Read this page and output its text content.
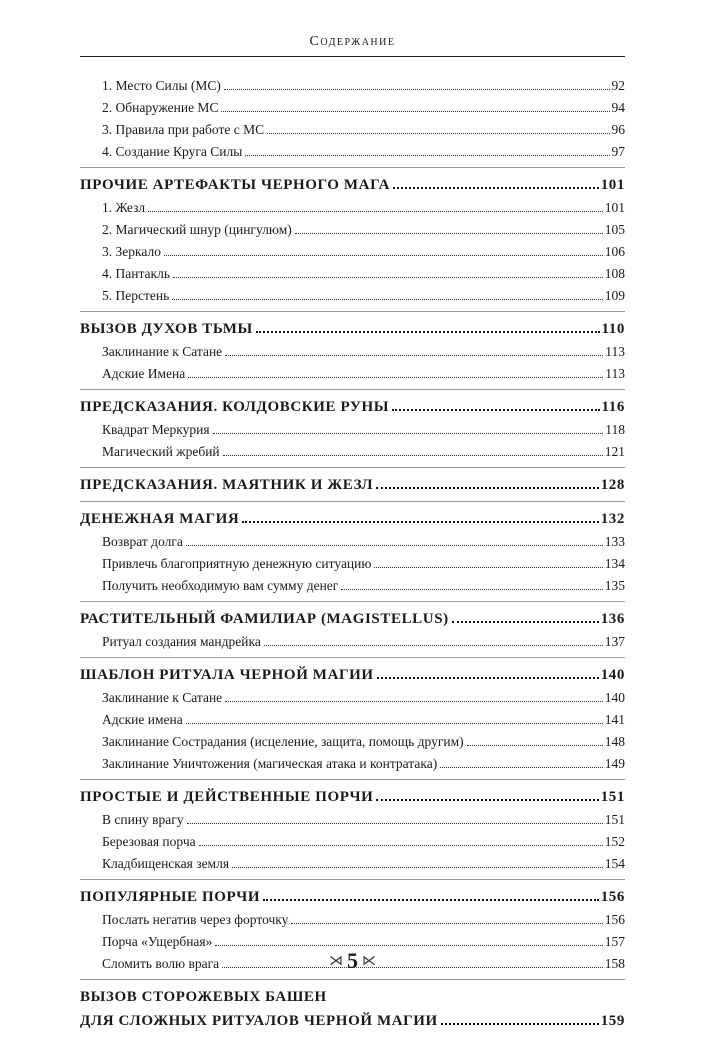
Содержание
1. Место Силы (МС)	92
2. Обнаружение МС	94
3. Правила при работе с МС	96
4. Создание Круга Силы	97
ПРОЧИЕ АРТЕФАКТЫ ЧЕРНОГО МАГА	101
1. Жезл	101
2. Магический шнур (цингулюм)	105
3. Зеркало	106
4. Пантакль	108
5. Перстень	109
ВЫЗОВ ДУХОВ ТЬМЫ	110
Заклинание к Сатане	113
Адские Имена	113
ПРЕДСКАЗАНИЯ. КОЛДОВСКИЕ РУНЫ	116
Квадрат Меркурия	118
Магический жребий	121
ПРЕДСКАЗАНИЯ. МАЯТНИК И ЖЕЗЛ	128
ДЕНЕЖНАЯ МАГИЯ	132
Возврат долга	133
Привлечь благоприятную денежную ситуацию	134
Получить необходимую вам сумму денег	135
РАСТИТЕЛЬНЫЙ ФАМИЛИАР (MAGISTELLUS)	136
Ритуал создания мандрейка	137
ШАБЛОН РИТУАЛА ЧЕРНОЙ МАГИИ	140
Заклинание к Сатане	140
Адские имена	141
Заклинание Сострадания (исцеление, защита, помощь другим)	148
Заклинание Уничтожения (магическая атака и контратака)	149
ПРОСТЫЕ И ДЕЙСТВЕННЫЕ ПОРЧИ	151
В спину врагу	151
Березовая порча	152
Кладбищенская земля	154
ПОПУЛЯРНЫЕ ПОРЧИ	156
Послать негатив через форточку	156
Порча «Ущербная»	157
Сломить волю врага	158
ВЫЗОВ СТОРОЖЕВЫХ БАШЕН
ДЛЯ СЛОЖНЫХ РИТУАЛОВ ЧЕРНОЙ МАГИИ	159
⋊ 5 ⋉
